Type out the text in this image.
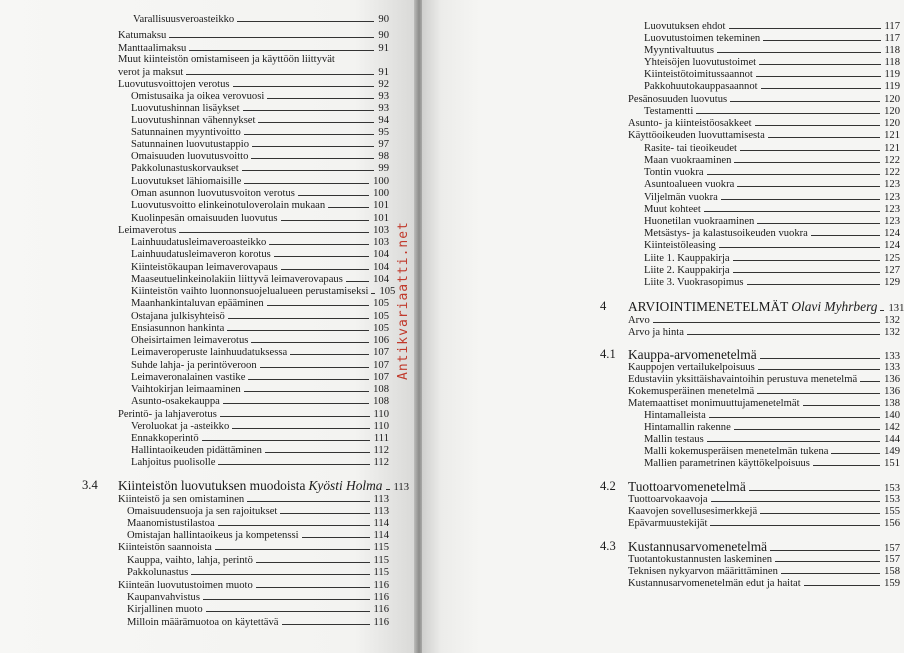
Varallisuusveroasteikko	90
Katumaksu	90
Manttaalimaksu	91
Muut kiinteistön omistamiseen ja käyttöön liittyvät
verot ja maksut	91
Luovutusvoittojen verotus	92
Omistusaika ja oikea verovuosi	93
Luovutushinnan lisäykset	93
Luovutushinnan vähennykset	94
Satunnainen myyntivoitto	95
Satunnainen luovutustappio	97
Omaisuuden luovutusvoitto	98
Pakkolunastuskorvaukset	99
Luovutukset lähiomaisille	100
Oman asunnon luovutusvoiton verotus	100
Luovutusvoitto elinkeinotuloverolain mukaan	101
Kuolinpesän omaisuuden luovutus	101
Leimaverotus	103
Lainhuudatusleimaveroasteikko	103
Lainhuudatusleimaveron korotus	104
Kiinteistökaupan leimaverovapaus	104
Maaseutuelinkeinolakiin liittyvä leimaverovapaus	104
Kiinteistön vaihto luonnonsuojelualueen perustamiseksi	105
Maanhankintaluvan epääminen	105
Ostajana julkisyhteisö	105
Ensiasunnon hankinta	105
Oheisirtaimen leimaverotus	106
Leimaveroperuste lainhuudatuksessa	107
Suhde lahja- ja perintöveroon	107
Leimaveronalainen vastike	107
Vaihtokirjan leimaaminen	108
Asunto-osakekauppa	108
Perintö- ja lahjaverotus	110
Veroluokat ja -asteikko	110
Ennakkoperintö	111
Hallintaoikeuden pidättäminen	112
Lahjoitus puolisolle	112
3.4 Kiinteistön luovutuksen muodoista Kyösti Holma	113
Kiinteistö ja sen omistaminen	113
Omaisuudensuoja ja sen rajoitukset	113
Maanomistustilastoa	114
Omistajan hallintaoikeus ja kompetenssi	114
Kiinteistön saannoista	115
Kauppa, vaihto, lahja, perintö	115
Pakkolunastus	115
Kiinteän luovutustoimen muoto	116
Kaupanvahvistus	116
Kirjallinen muoto	116
Milloin määrämuotoa on käytettävä	116
Luovutuksen ehdot	117
Luovutustoimen tekeminen	117
Myyntivaltuutus	118
Yhteisöjen luovutustoimet	118
Kiinteistötoimitussaannot	119
Pakkohuutokauppasaannot	119
Pesänosuuden luovutus	120
Testamentti	120
Asunto- ja kiinteistöosakkeet	120
Käyttöoikeuden luovuttamisesta	121
Rasite- tai tieoikeudet	121
Maan vuokraaminen	122
Tontin vuokra	122
Asuntoalueen vuokra	123
Viljelmän vuokra	123
Muut kohteet	123
Huonetilan vuokraaminen	123
Metsästys- ja kalastusoikeuden vuokra	124
Kiinteistöleasing	124
Liite 1. Kauppakirja	125
Liite 2. Kauppakirja	127
Liite 3. Vuokrasopimus	129
4 ARVIOINTIMENETELMÄT Olavi Myhrberg	131
Arvo	132
Arvo ja hinta	132
4.1 Kauppa-arvomenetelmä	133
Kauppojen vertailukelpoisuus	133
Edustaviin yksittäishavaintoihin perustuva menetelmä	136
Kokemusperäinen menetelmä	136
Matemaattiset monimuuttujamenetelmät	138
Hintamalleista	140
Hintamallin rakenne	142
Mallin testaus	144
Malli kokemusperäisen menetelmän tukena	149
Mallien parametrinen käyttökelpoisuus	151
4.2 Tuottoarvomenetelmä	153
Tuottoarvokaavoja	153
Kaavojen sovellusesimerkkejä	155
Epävarmuustekijät	156
4.3 Kustannusarvomenetelmä	157
Tuotantokustannusten laskeminen	157
Teknisen nykyarvon määrittäminen	158
Kustannusarvomenetelmän edut ja haitat	159
Antikvariaatti.net
